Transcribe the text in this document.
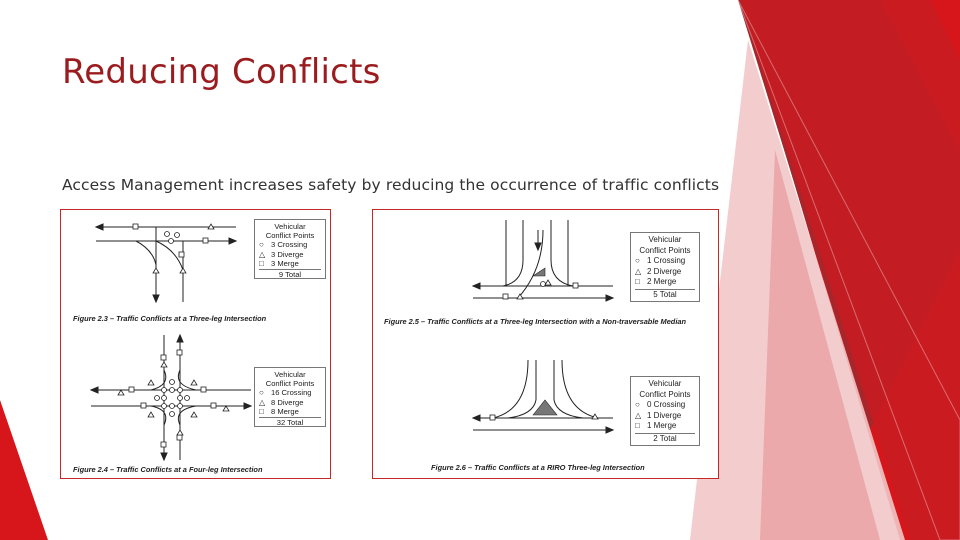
Reducing Conflicts
Access Management increases safety by reducing the occurrence of traffic conflicts
Vehicular
Conflict Points
○ 3 Crossing
△ 3 Diverge
□ 3 Merge
9 Total
Figure 2.3 – Traffic Conflicts at a Three-leg Intersection
Vehicular
Conflict Points
○ 16 Crossing
△ 8 Diverge
□ 8 Merge
32 Total
Figure 2.4 – Traffic Conflicts at a Four-leg Intersection
Vehicular
Conflict Points
○ 1 Crossing
△ 2 Diverge
□ 2 Merge
5 Total
Figure 2.5 – Traffic Conflicts at a Three-leg Intersection with a Non-traversable Median
Vehicular
Conflict Points
○ 0 Crossing
△ 1 Diverge
□ 1 Merge
2 Total
Figure 2.6 – Traffic Conflicts at a RIRO Three-leg Intersection
